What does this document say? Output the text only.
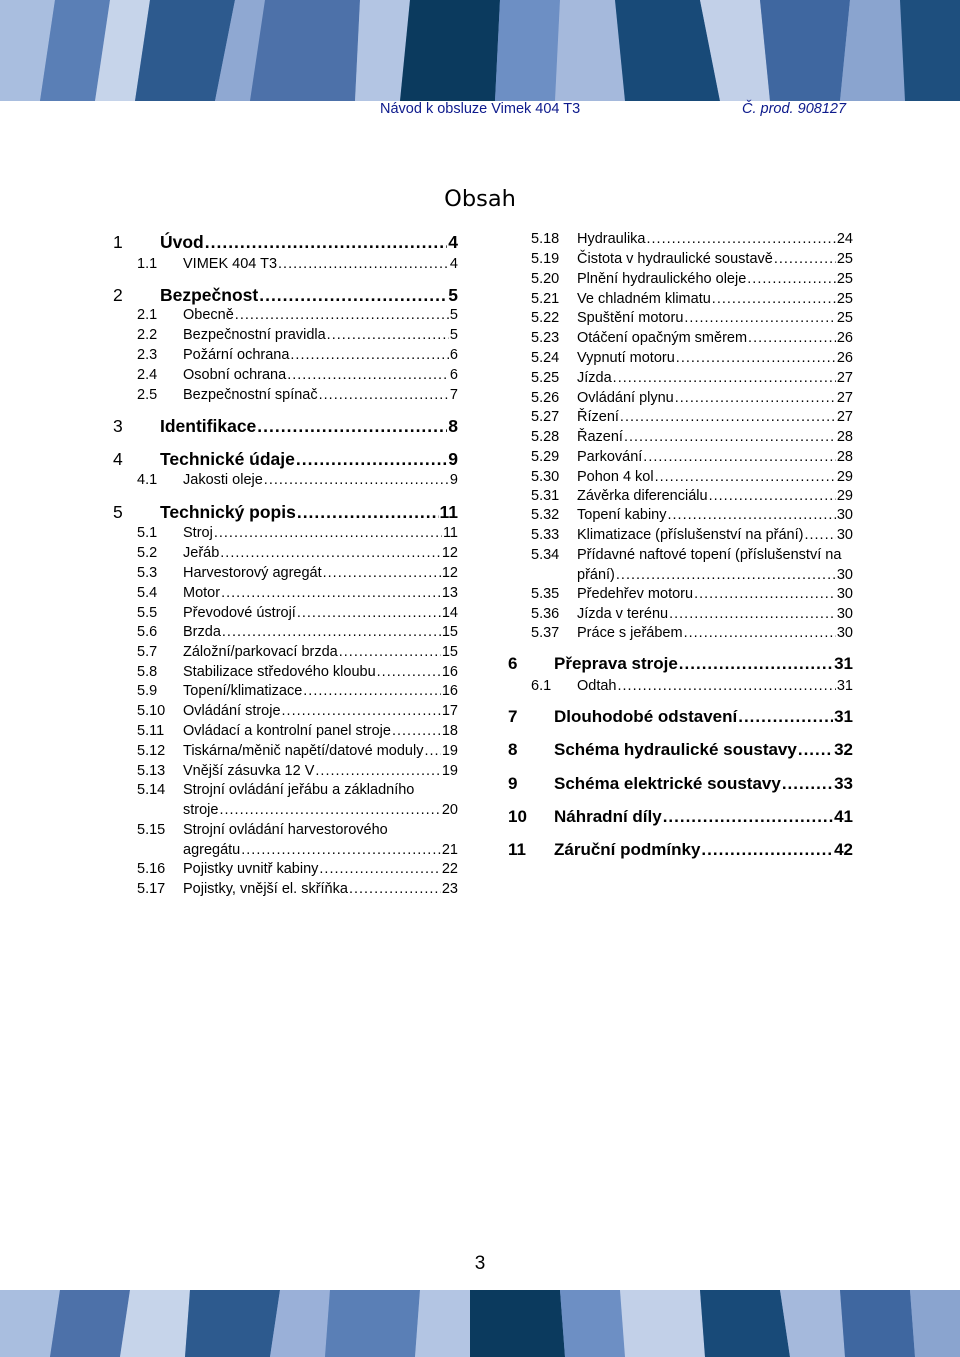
Návod k obsluze Vimek 404 T3	Č. prod. 908127
Obsah
1 Úvod .....	4
1.1 VIMEK 404 T3 .....	4
2 Bezpečnost .....	5
2.1 Obecně .....	5
2.2 Bezpečnostní pravidla .....	5
2.3 Požární ochrana .....	6
2.4 Osobní ochrana .....	6
2.5 Bezpečnostní spínač .....	7
3 Identifikace .....	8
4 Technické údaje .....	9
4.1 Jakosti oleje .....	9
5 Technický popis .....	11
5.1 Stroj .....	11
5.2 Jeřáb .....	12
5.3 Harvestorový agregát .....	12
5.4 Motor .....	13
5.5 Převodové ústrojí .....	14
5.6 Brzda .....	15
5.7 Záložní/parkovací brzda .....	15
5.8 Stabilizace středového kloubu .....	16
5.9 Topení/klimatizace .....	16
5.10 Ovládání stroje .....	17
5.11 Ovládací a kontrolní panel stroje .....	18
5.12 Tiskárna/měnič napětí/datové moduly ..... 19
5.13 Vnější zásuvka 12 V .....	19
5.14 Strojní ovládání jeřábu a základního
stroje .....	20
5.15 Strojní ovládání harvestorového
agregátu .....	21
5.16 Pojistky uvnitř kabiny .....	22
5.17 Pojistky, vnější el. skříňka .....	23
5.18 Hydraulika .....	24
5.19 Čistota v hydraulické soustavě .....	25
5.20 Plnění hydraulického oleje .....	25
5.21 Ve chladném klimatu .....	25
5.22 Spuštění motoru .....	25
5.23 Otáčení opačným směrem .....	26
5.24 Vypnutí motoru .....	26
5.25 Jízda .....	27
5.26 Ovládání plynu .....	27
5.27 Řízení .....	27
5.28 Řazení .....	28
5.29 Parkování .....	28
5.30 Pohon 4 kol .....	29
5.31 Závěrka diferenciálu .....	29
5.32 Topení kabiny .....	30
5.33 Klimatizace (příslušenství na přání) ..... 30
5.34 Přídavné naftové topení (příslušenství na
přání) .....	30
5.35 Předehřev motoru .....	30
5.36 Jízda v terénu .....	30
5.37 Práce s jeřábem .....	30
6 Přeprava stroje .....	31
6.1 Odtah .....	31
7 Dlouhodobé odstavení .....	31
8 Schéma hydraulické soustavy ..... 32
9 Schéma elektrické soustavy .....	33
10 Náhradní díly .....	41
11 Záruční podmínky .....	42
3
